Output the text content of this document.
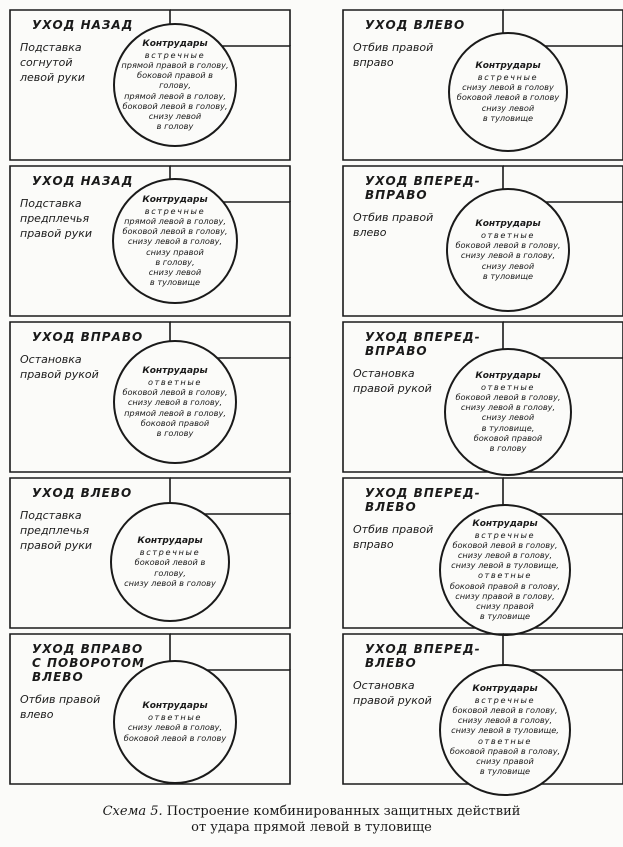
УХОД НАЗАД
Подставка
согнутой
левой руки
Контрудары
встречные
прямой правой в голову,
боковой правой в голову,
прямой левой в голову,
боковой левой в голову,
снизу левой
в голову
УХОД ВЛЕВО
Отбив правой
вправо	Контрудары
встречные
снизу левой в голову
боковой левой в голову
снизу левой
в туловище
УХОД НАЗАД
Подставка
предплечья
правой руки
Контрудары
встречные
прямой левой в голову,
боковой левой в голову,
снизу левой в голову,
снизу правой
в голову,
снизу левой
в туловище
УХОД ВПЕРЕД-
ВПРАВО
Отбив правой
влево
Контрудары
ответные
боковой левой в голову,
снизу левой в голову,
снизу левой
в туловище
УХОД ВПРАВО
Остановка
правой рукой	Контрудары
ответные
боковой левой в голову,
снизу левой в голову,
прямой левой в голову,
боковой правой
в голову
УХОД ВПЕРЕД-
ВПРАВО
Остановка
правой рукой
Контрудары
ответные
боковой левой в голову,
снизу левой в голову,
снизу левой
в туловище,
боковой правой
в голову
УХОД ВЛЕВО
Подставка
предплечья
правой руки	Контрудары
встречные
боковой левой в голову,
снизу левой в голову
УХОД ВПЕРЕД-
ВЛЕВО
Отбив правой
вправо
Контрудары
встречные
боковой левой в голову,
снизу левой в голову,
снизу левой в туловище,
ответные
боковой правой в голову,
снизу правой в голову,
снизу правой
в туловище
УХОД ВПРАВО
С ПОВОРОТОМ
ВЛЕВО
Отбив правой
влево
Контрудары
ответные
снизу левой в голову,
боковой левой в голову
УХОД ВПЕРЕД-
ВЛЕВО
Остановка
правой рукой
Контрудары
встречные
боковой левой в голову,
снизу левой в голову,
снизу левой в туловище,
ответные
боковой правой в голову,
снизу правой
в туловище
Схема 5. Построение комбинированных защитных действий
от удара прямой левой в туловище
